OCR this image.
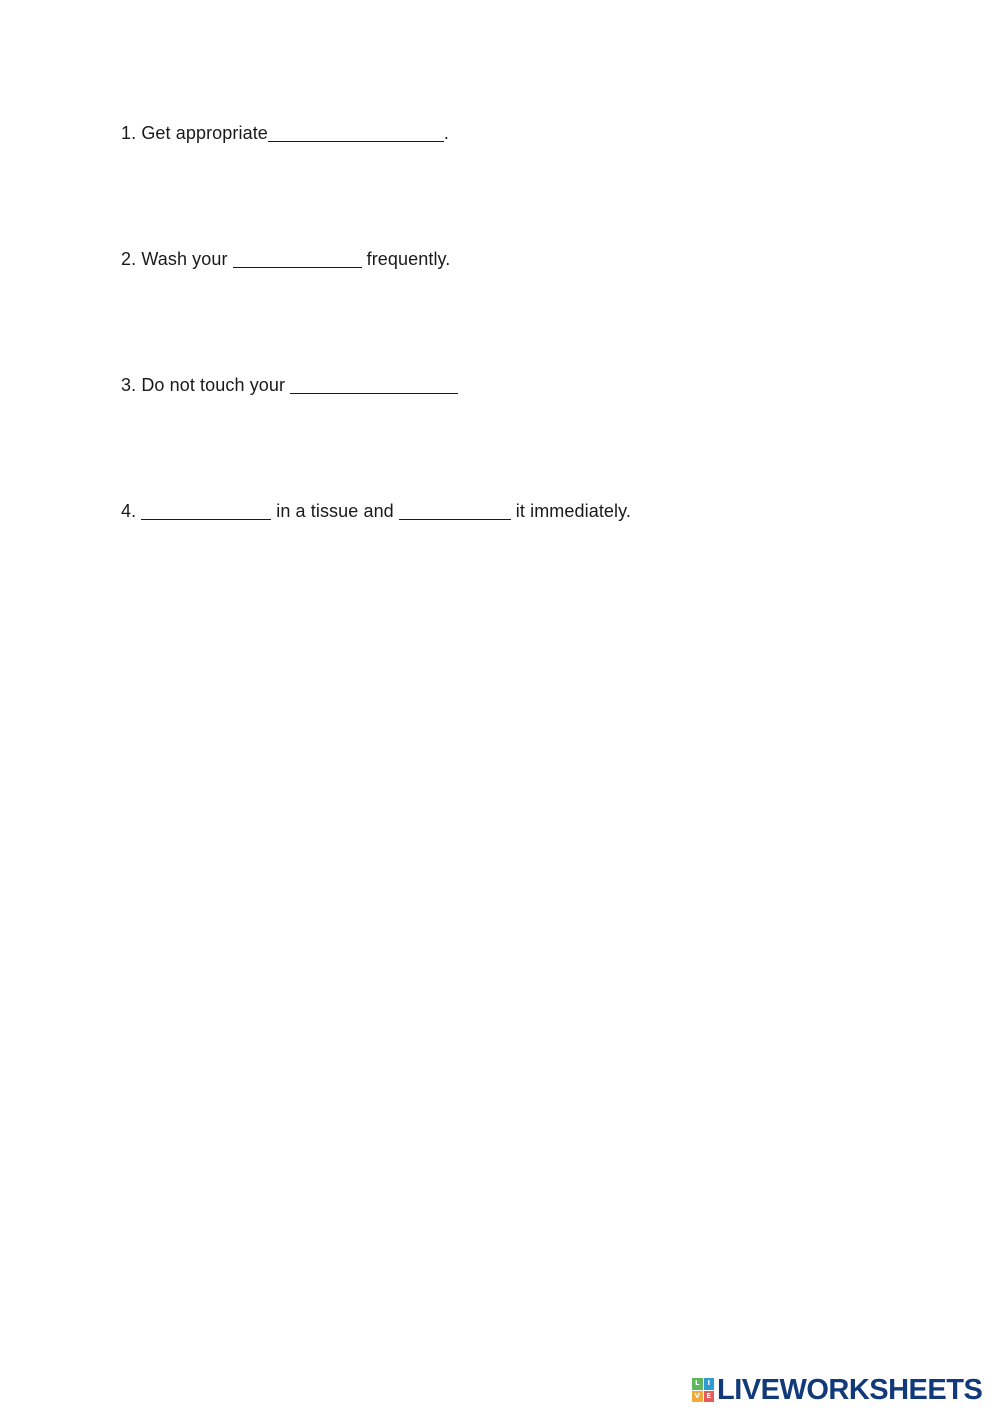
1. Get appropriate	.
2. Wash your	frequently.
3. Do not touch your
4.	in a tissue and	it immediately.
L	I
V E LIVEWORKSHEETS
